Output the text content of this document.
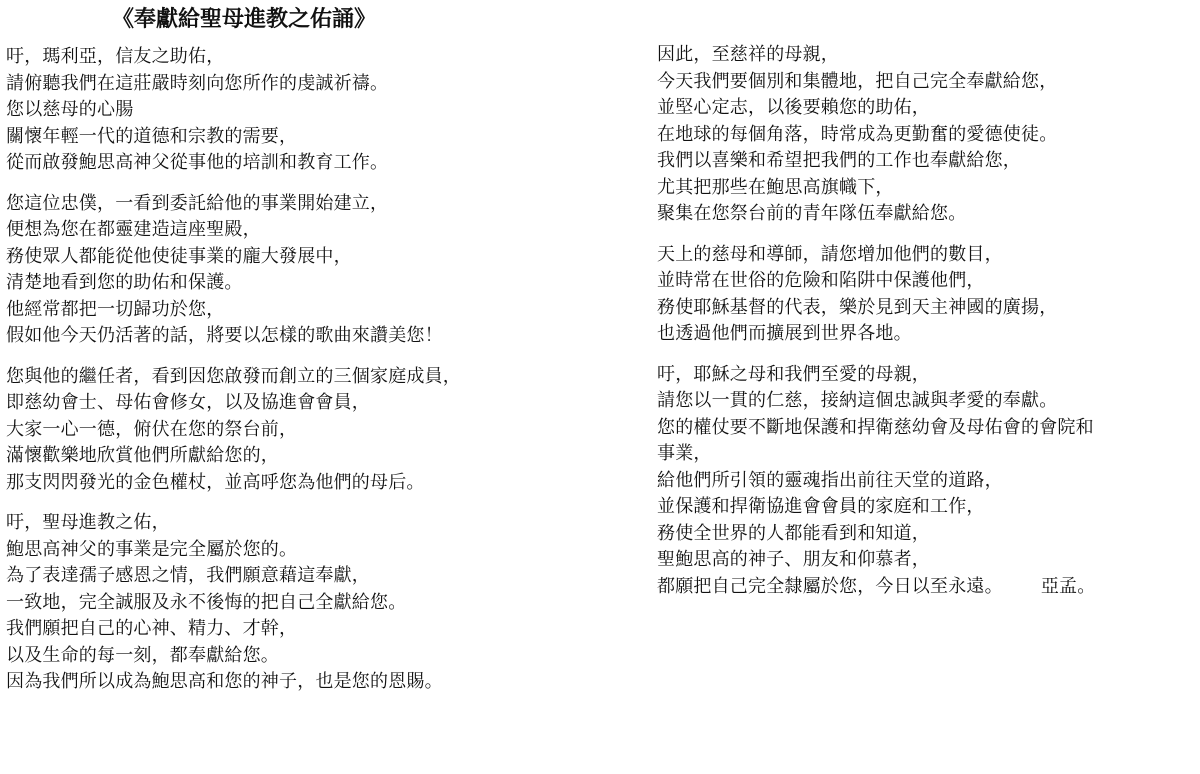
《奉獻給聖母進教之佑誦》
吁，瑪利亞，信友之助佑，
請俯聽我們在這莊嚴時刻向您所作的虔誠祈禱。
您以慈母的心腸
關懷年輕一代的道德和宗教的需要，
從而啟發鮑思高神父從事他的培訓和教育工作。
您這位忠僕，一看到委託給他的事業開始建立，
便想為您在都靈建造這座聖殿，
務使眾人都能從他使徒事業的龐大發展中，
清楚地看到您的助佑和保護。
他經常都把一切歸功於您，
假如他今天仍活著的話，將要以怎樣的歌曲來讚美您！
您與他的繼任者，看到因您啟發而創立的三個家庭成員，
即慈幼會士、母佑會修女，以及協進會會員，
大家一心一德，俯伏在您的祭台前，
滿懷歡樂地欣賞他們所獻給您的，
那支閃閃發光的金色權杖，並高呼您為他們的母后。
吁，聖母進教之佑，
鮑思高神父的事業是完全屬於您的。
為了表達孺子感恩之情，我們願意藉這奉獻，
一致地，完全誠服及永不後悔的把自己全獻給您。
我們願把自己的心神、精力、才幹，
以及生命的每一刻，都奉獻給您。
因為我們所以成為鮑思高和您的神子，也是您的恩賜。
因此，至慈祥的母親，
今天我們要個別和集體地，把自己完全奉獻給您，
並堅心定志，以後要賴您的助佑，
在地球的每個角落，時常成為更勤奮的愛德使徒。
我們以喜樂和希望把我們的工作也奉獻給您，
尤其把那些在鮑思高旗幟下，
聚集在您祭台前的青年隊伍奉獻給您。
天上的慈母和導師，請您增加他們的數目，
並時常在世俗的危險和陷阱中保護他們，
務使耶穌基督的代表，樂於見到天主神國的廣揚，
也透過他們而擴展到世界各地。
吁，耶穌之母和我們至愛的母親，
請您以一貫的仁慈，接納這個忠誠與孝愛的奉獻。
您的權仗要不斷地保護和捍衛慈幼會及母佑會的會院和
事業，
給他們所引領的靈魂指出前往天堂的道路，
並保護和捍衛協進會會員的家庭和工作，
務使全世界的人都能看到和知道，
聖鮑思高的神子、朋友和仰慕者，
都願把自己完全隸屬於您，今日以至永遠。 亞孟。
